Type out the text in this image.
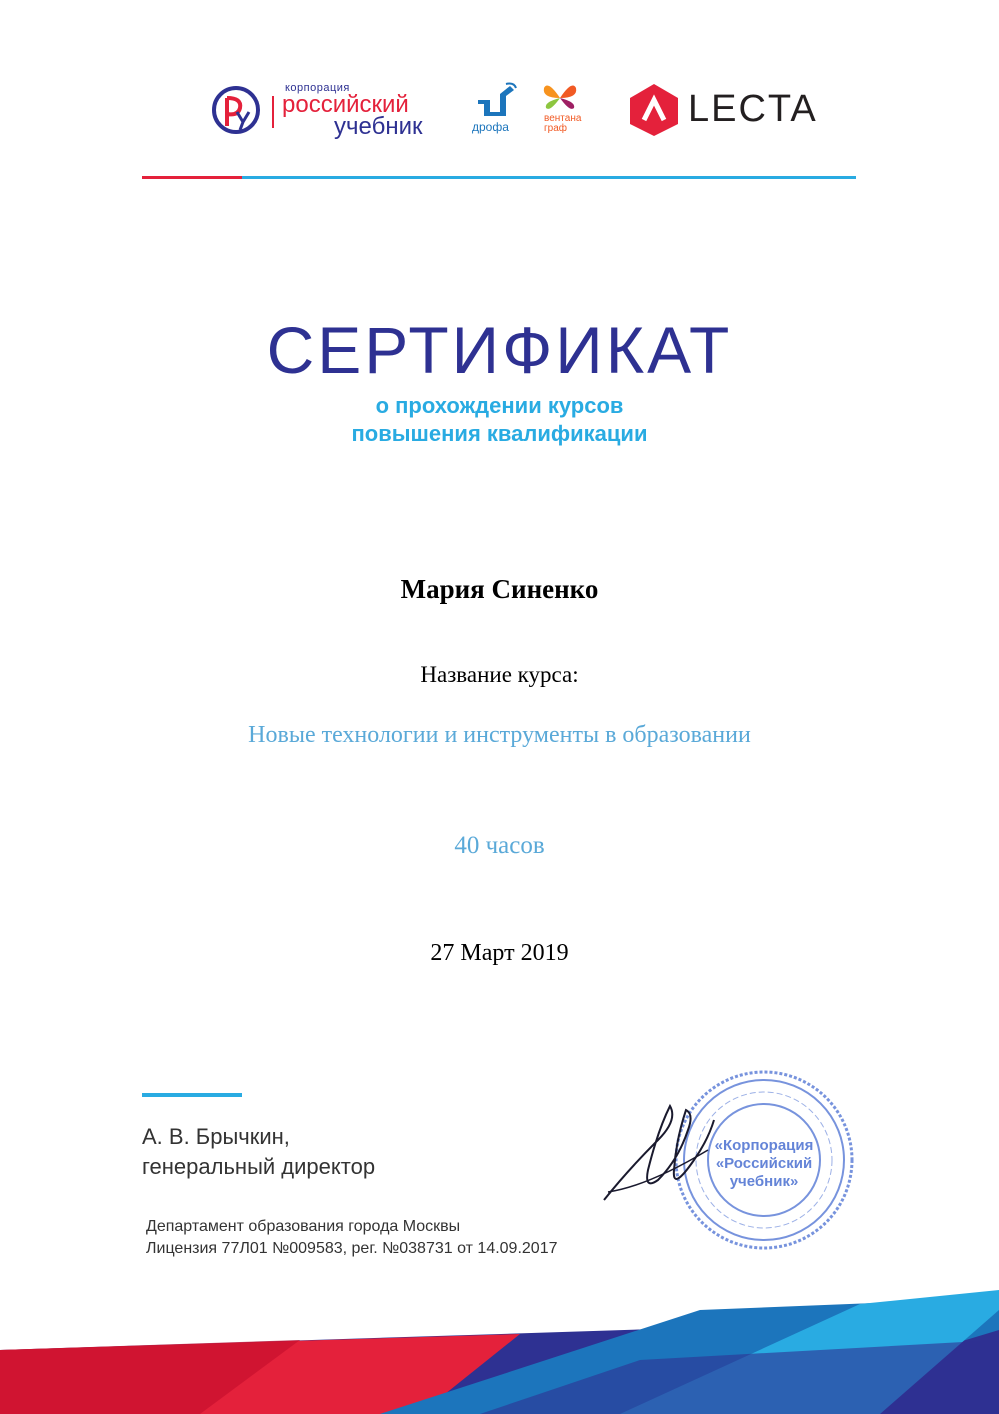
корпорация
российский
учебник	дрофа
вентана
граф	LECTA
СЕРТИФИКАТ
о прохождении курсов
повышения квалификации
Мария Синенко
Название курса:
Новые технологии и инструменты в образовании
40 часов
27 Март 2019
А. В. Брычкин,
генеральный директор
Департамент образования города Москвы
Лицензия 77Л01 №009583, рег. №038731 от 14.09.2017
«Корпорация
«Российский
учебник»
